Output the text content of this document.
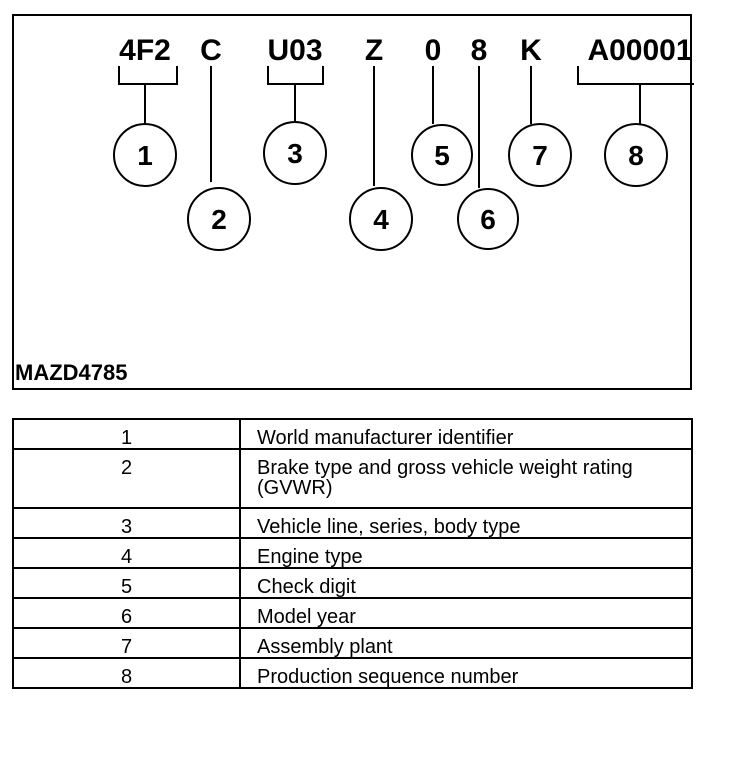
4F2 C U03 Z 0 8 K A00001
1
2
3
4
5
6
7	8
MAZD4785
1	World manufacturer identifier
2	Brake type and gross vehicle weight rating (GVWR)
3	Vehicle line, series, body type
4	Engine type
5	Check digit
6	Model year
7	Assembly plant
8	Production sequence number
